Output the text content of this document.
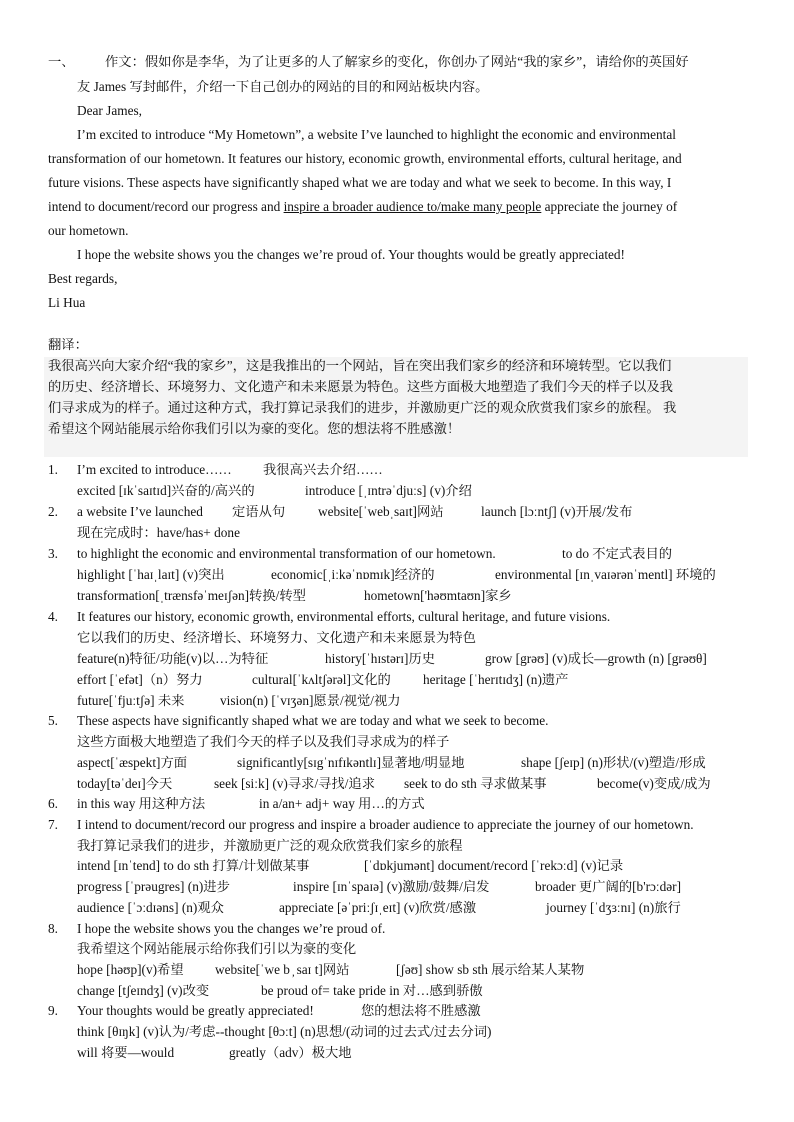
一、 作文：假如你是李华，为了让更多的人了解家乡的变化，你创办了网站“我的家乡”，请给你的英国好
友 James 写封邮件，介绍一下自己创办的网站的目的和网站板块内容。
Dear James,
I’m excited to introduce “My Hometown”, a website I’ve launched to highlight the economic and environmental
transformation of our hometown. It features our history, economic growth, environmental efforts, cultural heritage, and
future visions. These aspects have significantly shaped what we are today and what we seek to become. In this way, I
intend to document/record our progress and inspire a broader audience to/make many people appreciate the journey of
our hometown.
I hope the website shows you the changes we’re proud of. Your thoughts would be greatly appreciated!
Best regards,
Li Hua
翻译：
我很高兴向大家介绍“我的家乡”，这是我推出的一个网站，旨在突出我们家乡的经济和环境转型。它以我们
的历史、经济增长、环境努力、文化遗产和未来愿景为特色。这些方面极大地塑造了我们今天的样子以及我
们寻求成为的样子。通过这种方式，我打算记录我们的进步，并激励更广泛的观众欣赏我们家乡的旅程。 我
希望这个网站能展示给你我们引以为豪的变化。您的想法将不胜感激！
1. I’m excited to introduce…… 我很高兴去介绍……
excited [ɪkˈsaɪtɪd]兴奋的/高兴的	introduce [ˌɪntrəˈdjuːs] (v)介绍
2. a website I’ve launched 定语从句 website[ˈwebˌsaɪt]网站	launch [lɔːntʃ] (v)开展/发布
现在完成时：have/has+ done
3. to highlight the economic and environmental transformation of our hometown.	to do 不定式表目的
highlight [ˈhaɪˌlaɪt] (v)突出	economic[ˌiːkəˈnɒmɪk]经济的	environmental [ɪnˌvaɪərənˈmentl] 环境的
transformation[ˌtrænsfəˈmeɪʃən]转换/转型	hometown['həʊmtaʊn]家乡
4. It features our history, economic growth, environmental efforts, cultural heritage, and future visions.
它以我们的历史、经济增长、环境努力、文化遗产和未来愿景为特色
feature(n)特征/功能(v)以…为特征	history[ˈhɪstərɪ]历史	grow [grəʊ] (v)成长—growth (n) [grəʊθ]
effort [ˈefət]（n）努力	cultural[ˈkʌltʃərəl]文化的 heritage [ˈherɪtɪdʒ] (n)遗产
future[ˈfjuːtʃə] 未来	vision(n) [ˈvɪʒən]愿景/视觉/视力
5. These aspects have significantly shaped what we are today and what we seek to become.
这些方面极大地塑造了我们今天的样子以及我们寻求成为的样子
aspect[ˈæspekt]方面	significantly[sɪgˈnɪfɪkəntlɪ]显著地/明显地	shape [ʃeɪp] (n)形状/(v)塑造/形成
today[təˈdeɪ]今天	seek [siːk] (v)寻求/寻找/追求 seek to do sth 寻求做某事	become(v)变成/成为
6. in this way 用这种方法	in a/an+ adj+ way 用…的方式
7. I intend to document/record our progress and inspire a broader audience to appreciate the journey of our hometown.
我打算记录我们的进步，并激励更广泛的观众欣赏我们家乡的旅程
intend [ɪnˈtend] to do sth 打算/计划做某事	[ˈdɒkjumənt] document/record [ˈrekɔːd] (v)记录
progress [ˈprəugres] (n)进步	inspire [ɪnˈspaɪə] (v)激励/鼓舞/启发	broader 更广阔的[b'rɔːdər]
audience [ˈɔːdɪəns] (n)观众	appreciate [əˈpriːʃɪˌeɪt] (v)欣赏/感激	journey [ˈdʒɜːnɪ] (n)旅行
8. I hope the website shows you the changes we’re proud of.
我希望这个网站能展示给你我们引以为豪的变化
hope [həʊp](v)希望 website[ˈwe b ̦ saɪ t]网站	[ʃəʊ] show sb sth 展示给某人某物
change [tʃeɪndʒ] (v)改变	be proud of= take pride in 对…感到骄傲
9. Your thoughts would be greatly appreciated!	您的想法将不胜感激
think [θɪŋk] (v)认为/考虑--thought [θɔːt] (n)思想/(动词的过去式/过去分词)
will 将要—would	greatly（adv）极大地
